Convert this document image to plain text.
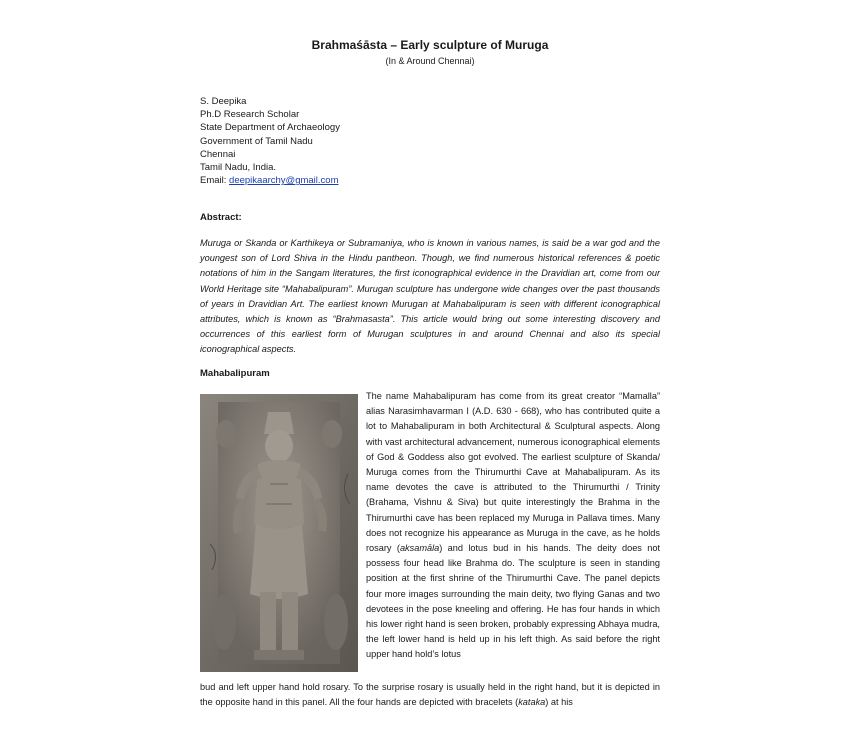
Brahmaśāsta – Early sculpture of Muruga
(In & Around Chennai)
S. Deepika
Ph.D Research Scholar
State Department of Archaeology
Government of Tamil Nadu
Chennai
Tamil Nadu, India.
Email: deepikaarchy@gmail.com
Abstract:
Muruga or Skanda or Karthikeya or Subramaniya, who is known in various names, is said be a war god and the youngest son of Lord Shiva in the Hindu pantheon. Though, we find numerous historical references & poetic notations of him in the Sangam literatures, the first iconographical evidence in the Dravidian art, come from our World Heritage site “Mahabalipuram”. Murugan sculpture has undergone wide changes over the past thousands of years in Dravidian Art. The earliest known Murugan at Mahabalipuram is seen with different iconographical attributes, which is known as “Brahmasasta”. This article would bring out some interesting discovery and occurrences of this earliest form of Murugan sculptures in and around Chennai and also its special iconographical aspects.
Mahabalipuram
The name Mahabalipuram has come from its great creator “Mamalla” alias Narasimhavarman I (A.D. 630 - 668), who has contributed quite a lot to Mahabalipuram in both Architectural & Sculptural aspects. Along with vast architectural advancement, numerous iconographical elements of God & Goddess also got evolved. The earliest sculpture of Skanda/ Muruga comes from the Thirumurthi Cave at Mahabalipuram. As its name devotes the cave is attributed to the Thirumurthi / Trinity (Brahama, Vishnu & Siva) but quite interestingly the Brahma in the Thirumurthi cave has been replaced my Muruga in Pallava times. Many does not recognize his appearance as Muruga in the cave, as he holds rosary (aksamāla) and lotus bud in his hands. The deity does not possess four head like Brahma do. The sculpture is seen in standing position at the first shrine of the Thirumurthi Cave. The panel depicts four more images surrounding the main deity, two flying Ganas and two devotees in the pose kneeling and offering. He has four hands in which his lower right hand is seen broken, probably expressing Abhaya mudra, the left lower hand is held up in his left thigh. As said before the right upper hand hold’s lotus
bud and left upper hand hold rosary. To the surprise rosary is usually held in the right hand, but it is depicted in the opposite hand in this panel. All the four hands are depicted with bracelets (kataka) at his
